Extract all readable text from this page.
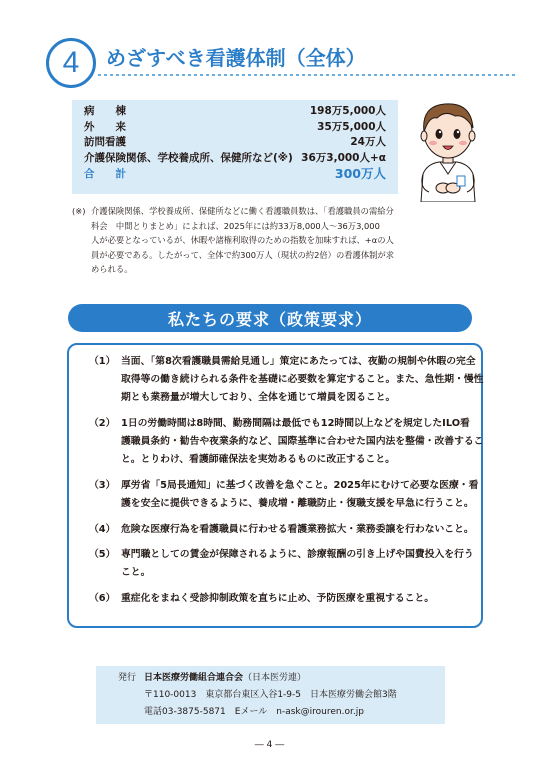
4	めざすべき看護体制（全体）
病　　棟	198万5,000人
外　　来	35万5,000人
訪問看護	24万人
介護保険関係、学校養成所、保健所など(※) 36万3,000人+α
合　　計	300万人
(※) 介護保険関係、学校養成所、保健所などに働く看護職員数は、「看護職員の需給分
科会　中間とりまとめ」によれば、2025年には約33万8,000人～36万3,000
人が必要となっているが、休暇や諸権利取得のための指数を加味すれば、+αの人
員が必要である。したがって、全体で約300万人（現状の約2倍）の看護体制が求
められる。
私たちの要求（政策要求）
（1） 当面、「第8次看護職員需給見通し」策定にあたっては、夜勤の規制や休暇の完全
取得等の働き続けられる条件を基礎に必要数を算定すること。また、急性期・慢性
期とも業務量が増大しており、全体を通じて増員を図ること。
（2） 1日の労働時間は8時間、勤務間隔は最低でも12時間以上などを規定したILO看
護職員条約・勧告や夜業条約など、国際基準に合わせた国内法を整備・改善するこ
と。とりわけ、看護師確保法を実効あるものに改正すること。
（3） 厚労省「5局長通知」に基づく改善を急ぐこと。2025年にむけて必要な医療・看
護を安全に提供できるように、養成増・離職防止・復職支援を早急に行うこと。
（4） 危険な医療行為を看護職員に行わせる看護業務拡大・業務委譲を行わないこと。
（5） 専門職としての賃金が保障されるように、診療報酬の引き上げや国費投入を行う
こと。
（6） 重症化をまねく受診抑制政策を直ちに止め、予防医療を重視すること。
発行 日本医療労働組合連合会（日本医労連）
〒110-0013　東京都台東区入谷1-9-5　日本医療労働会館3階
電話03-3875-5871　Eメール　n-ask@irouren.or.jp
― 4 ―
